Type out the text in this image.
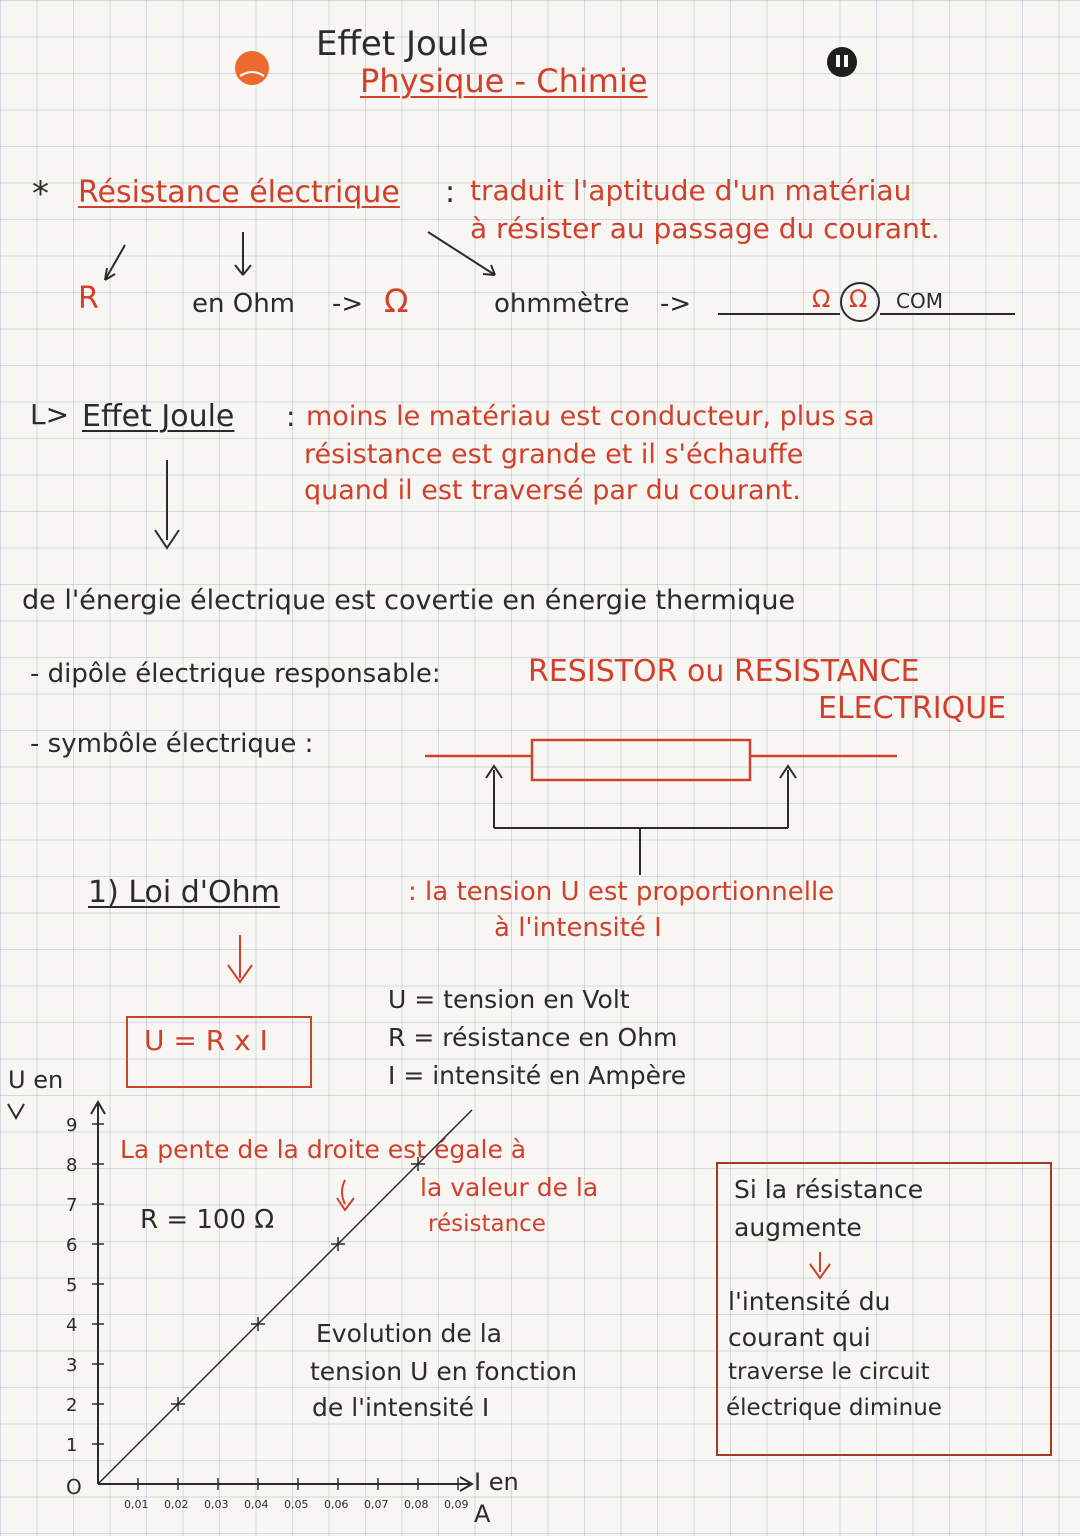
Effet Joule
Physique - Chimie
* Résistance électrique : traduit l'aptitude d'un matériau
à résister au passage du courant.
R	en Ohm -> Ω	ohmmètre ->	Ω Ω COM
L> Effet Joule : moins le matériau est conducteur, plus sa
résistance est grande et il s'échauffe
quand il est traversé par du courant.
de l'énergie électrique est covertie en énergie thermique
- dipôle électrique responsable:	RESISTOR ou RESISTANCE
ELECTRIQUE
- symbôle électrique :
1) Loi d'Ohm	: la tension U est proportionnelle
à l'intensité I
U = R x I
U = tension en Volt
R = résistance en Ohm
I = intensité en Ampère
La pente de la droite est égale à
la valeur de la
résistance
R = 100 Ω
Evolution de la
tension U en fonction
de l'intensité I
Si la résistance
augmente
l'intensité du
courant qui
traverse le circuit
électrique diminue
1
2
3
4
5
6
7
8
9
0,01 0,02 0,03 0,04 0,05 0,06 0,07 0,08 0,09
O
U en
I en
A
